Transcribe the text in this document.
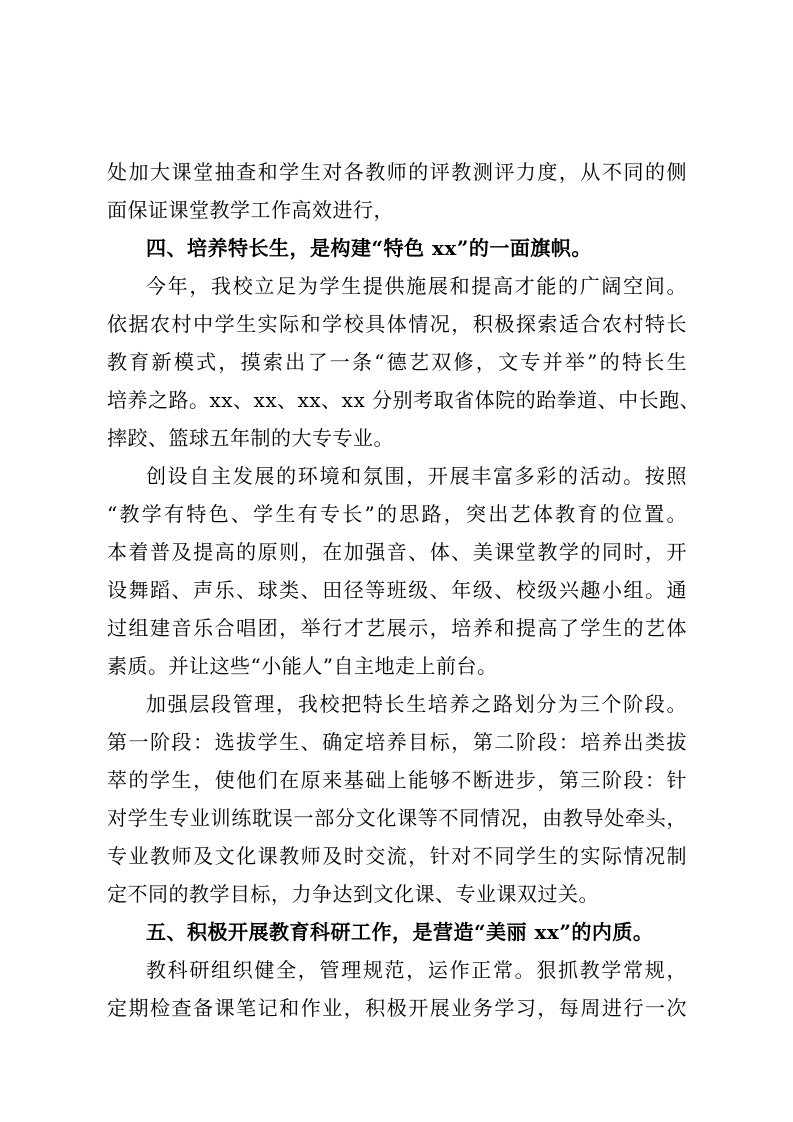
处加大课堂抽查和学生对各教师的评教测评力度，从不同的侧
面保证课堂教学工作高效进行，
四、培养特长生，是构建“特色 xx”的一面旗帜。
今年，我校立足为学生提供施展和提高才能的广阔空间。
依据农村中学生实际和学校具体情况，积极探索适合农村特长
教育新模式，摸索出了一条“德艺双修，文专并举”的特长生
培养之路。xx、xx、xx、xx 分别考取省体院的跆拳道、中长跑、
摔跤、篮球五年制的大专专业。
创设自主发展的环境和氛围，开展丰富多彩的活动。按照
“教学有特色、学生有专长”的思路，突出艺体教育的位置。
本着普及提高的原则，在加强音、体、美课堂教学的同时，开
设舞蹈、声乐、球类、田径等班级、年级、校级兴趣小组。通
过组建音乐合唱团，举行才艺展示，培养和提高了学生的艺体
素质。并让这些“小能人”自主地走上前台。
加强层段管理，我校把特长生培养之路划分为三个阶段。
第一阶段：选拔学生、确定培养目标，第二阶段：培养出类拔
萃的学生，使他们在原来基础上能够不断进步，第三阶段：针
对学生专业训练耽误一部分文化课等不同情况，由教导处牵头，
专业教师及文化课教师及时交流，针对不同学生的实际情况制
定不同的教学目标，力争达到文化课、专业课双过关。
五、积极开展教育科研工作，是营造“美丽 xx”的内质。
教科研组织健全，管理规范，运作正常。狠抓教学常规，
定期检查备课笔记和作业，积极开展业务学习，每周进行一次
